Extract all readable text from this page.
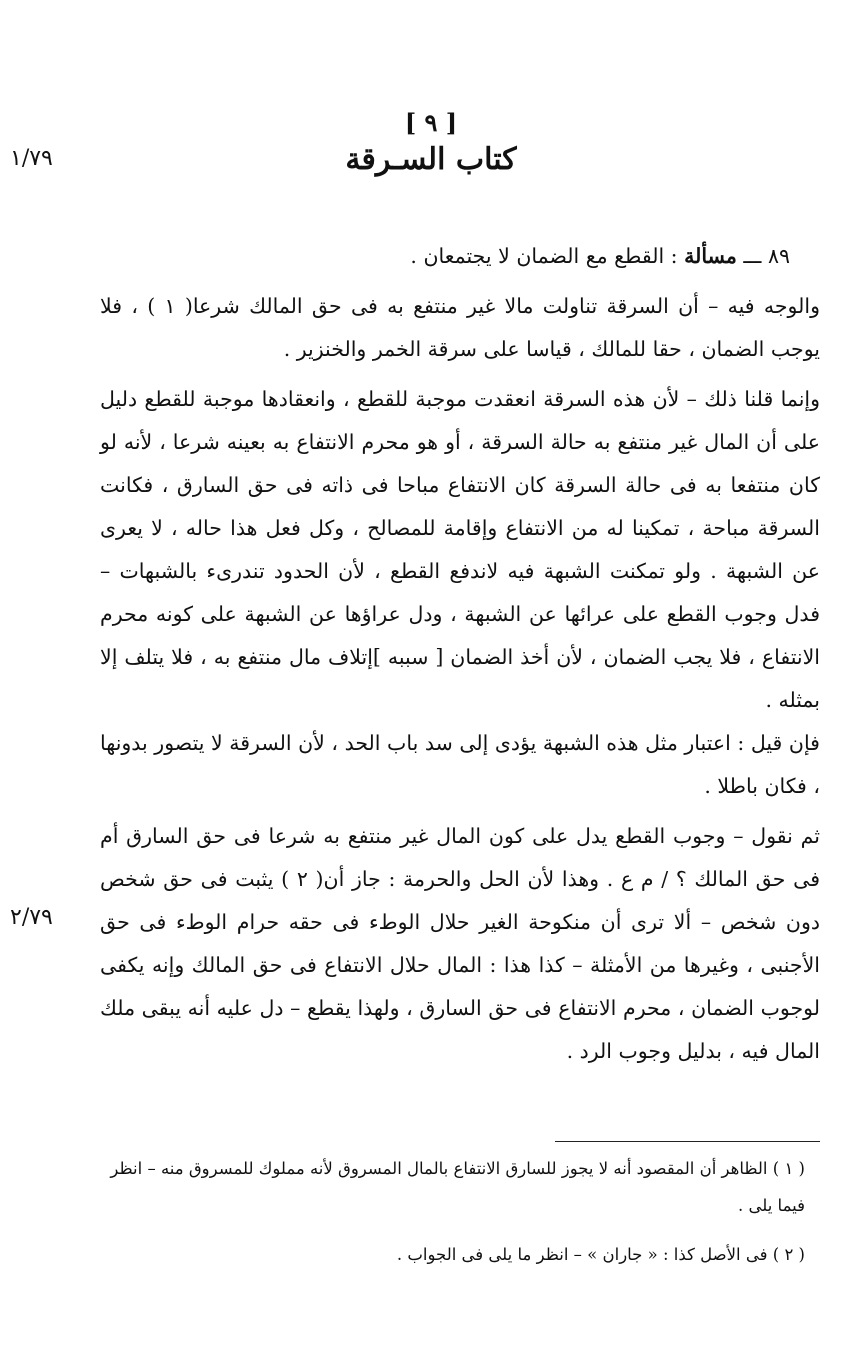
١/٧٩
٢/٧٩
[ ٩ ]
كتاب السـرقة

٨٩ ـــ مسألة : القطع مع الضمان لا يجتمعان .

والوجه فيه – أن السرقة تناولت مالا غير منتفع به فى حق المالك شرعا( ١ ) ، فلا يوجب الضمان ، حقا للمالك ، قياسا على سرقة الخمر والخنزير .

وإنما قلنا ذلك – لأن هذه السرقة انعقدت موجبة للقطع ، وانعقادها موجبة للقطع دليل على أن المال غير منتفع به حالة السرقة ، أو هو محرم الانتفاع به بعينه شرعا ، لأنه لو كان منتفعا به فى حالة السرقة كان الانتفاع مباحا فى ذاته فى حق السارق ، فكانت السرقة مباحة ، تمكينا له من الانتفاع وإقامة للمصالح ، وكل فعل هذا حاله ، لا يعرى عن الشبهة . ولو تمكنت الشبهة فيه لاندفع القطع ، لأن الحدود تندرىء بالشبهات – فدل وجوب القطع على عرائها عن الشبهة ، ودل عراؤها عن الشبهة على كونه محرم الانتفاع ، فلا يجب الضمان ، لأن أخذ الضمان [ سببه ]إتلاف مال منتفع به ، فلا يتلف إلا بمثله .

فإن قيل : اعتبار مثل هذه الشبهة يؤدى إلى سد باب الحد ، لأن السرقة لا يتصور بدونها ، فكان باطلا .

ثم نقول – وجوب القطع يدل على كون المال غير منتفع به شرعا فى حق السارق أم فى حق المالك ؟ / م ع . وهذا لأن الحل والحرمة : جاز أن( ٢ ) يثبت فى حق شخص دون شخص – ألا ترى أن منكوحة الغير حلال الوطء فى حقه حرام الوطء فى حق الأجنبى ، وغيرها من الأمثلة – كذا هذا : المال حلال الانتفاع فى حق المالك وإنه يكفى لوجوب الضمان ، محرم الانتفاع فى حق السارق ، ولهذا يقطع – دل عليه أنه يبقى ملك المال فيه ، بدليل وجوب الرد .

( ١ ) الظاهر أن المقصود أنه لا يجوز للسارق الانتفاع بالمال المسروق لأنه مملوك للمسروق منه – انظر فيما يلى .

( ٢ ) فى الأصل كذا : « جاران » – انظر ما يلى فى الجواب .
